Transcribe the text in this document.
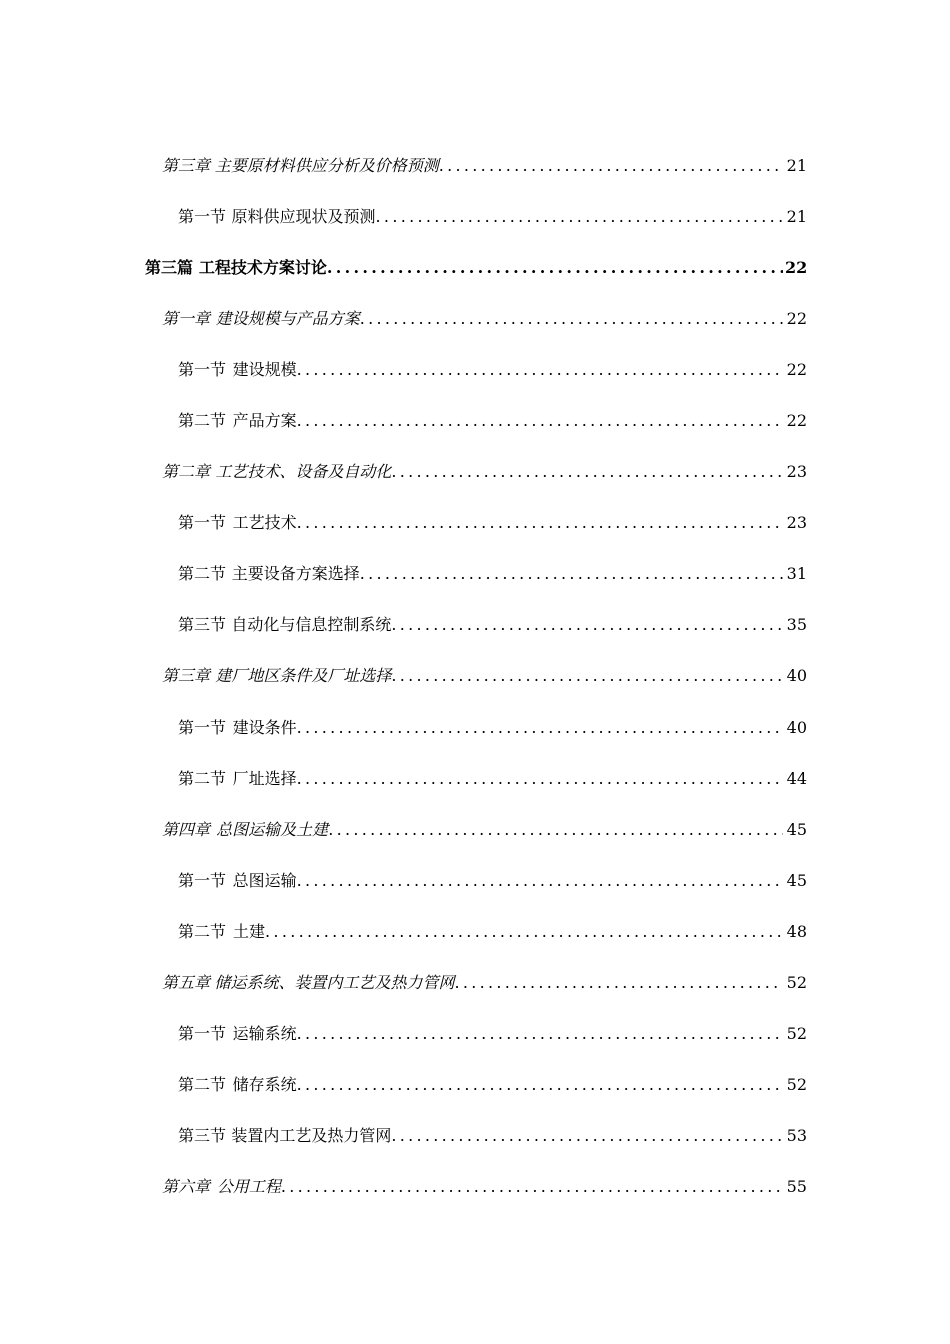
第三章 主要原材料供应分析及价格预测 .....	21
第一节 原料供应现状及预测 .....	21
第三篇 工程技术方案讨论 .....	22
第一章 建设规模与产品方案 .....	22
第一节 建设规模 .....	22
第二节 产品方案 .....	22
第二章 工艺技术、设备及自动化 .....	23
第一节 工艺技术 .....	23
第二节 主要设备方案选择 .....	31
第三节 自动化与信息控制系统 .....	35
第三章 建厂地区条件及厂址选择 .....	40
第一节 建设条件 .....	40
第二节 厂址选择 .....	44
第四章 总图运输及土建 .....	45
第一节 总图运输 .....	45
第二节 土建 .....	48
第五章 储运系统、装置内工艺及热力管网 .....	52
第一节 运输系统 .....	52
第二节 储存系统 .....	52
第三节 装置内工艺及热力管网 .....	53
第六章 公用工程 .....	55
